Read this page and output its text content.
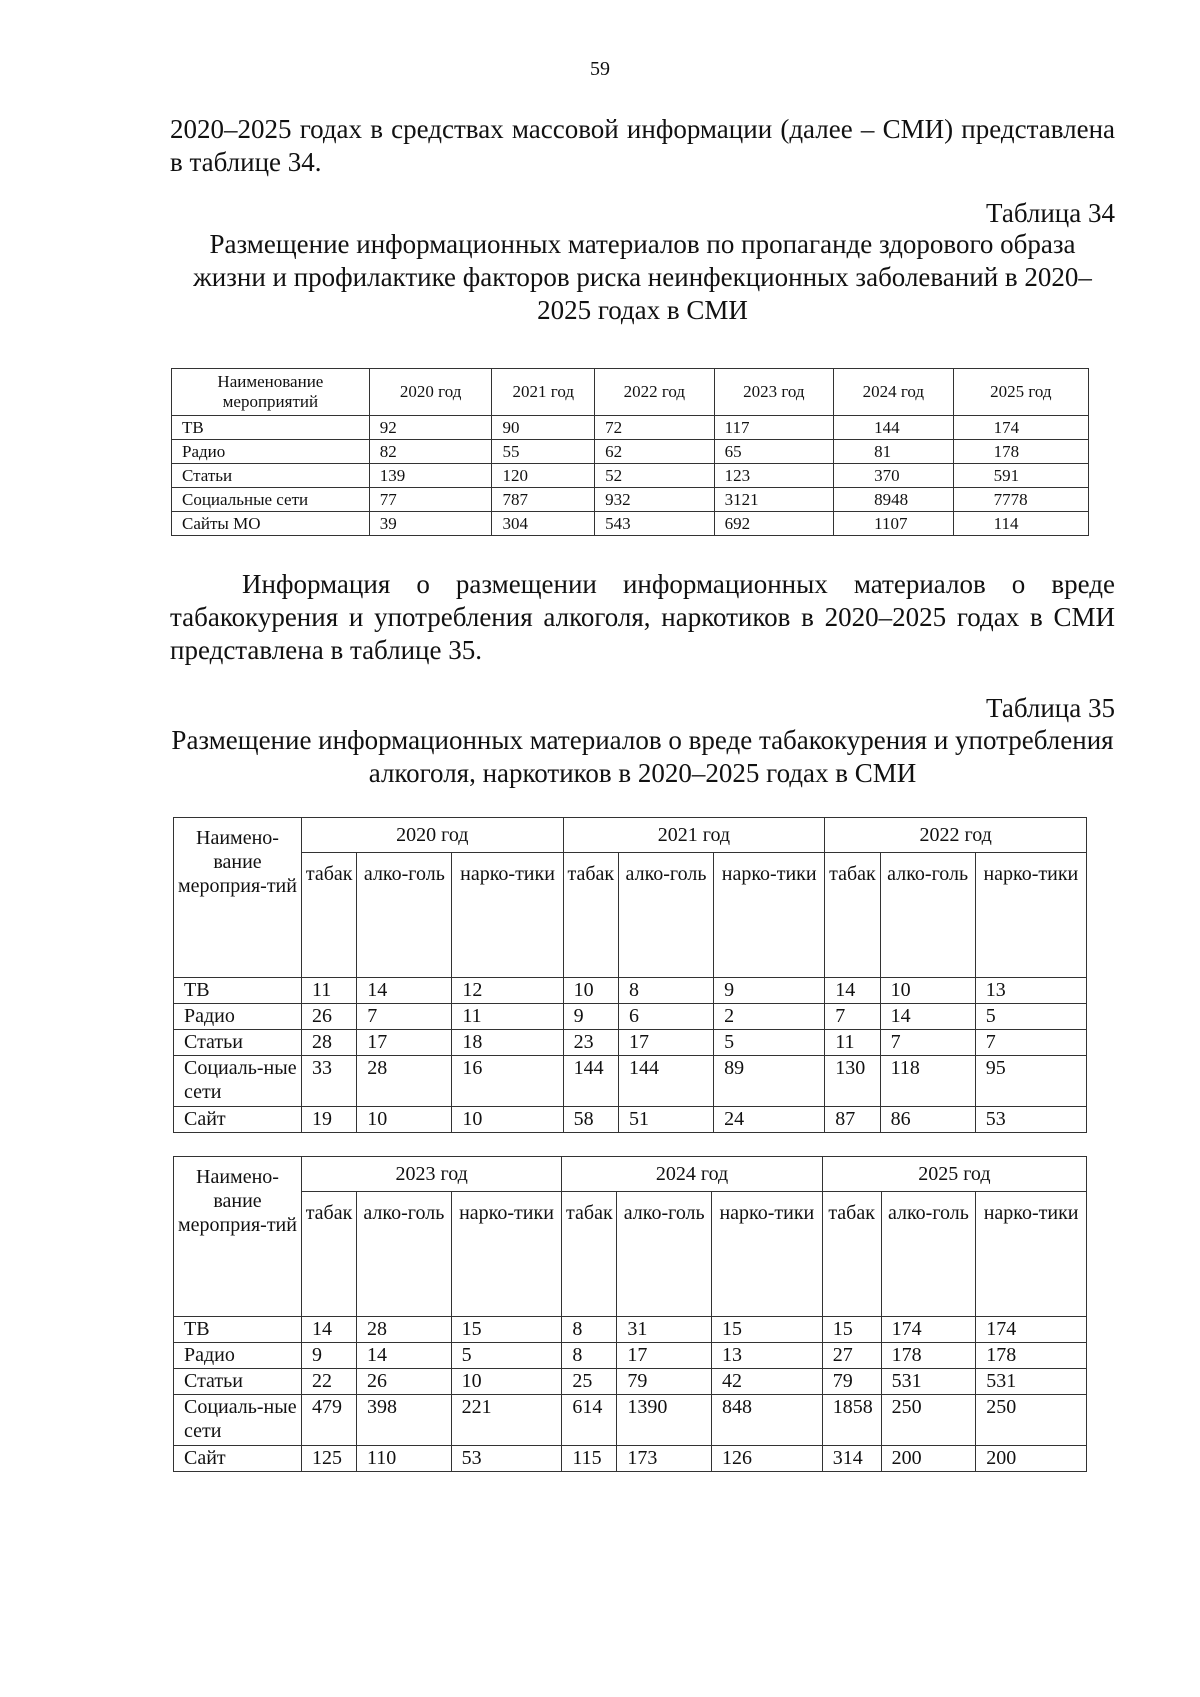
59
2020–2025 годах в средствах массовой информации (далее – СМИ) представлена в таблице 34.
Таблица 34
Размещение информационных материалов по пропаганде здорового образа жизни и профилактике факторов риска неинфекционных заболеваний в 2020–2025 годах в СМИ
Наименование мероприятий	2020 год	2021 год	2022 год	2023 год	2024 год	2025 год
ТВ	92	90	72	117	144	174
Радио	82	55	62	65	81	178
Статьи	139	120	52	123	370	591
Социальные сети	77	787	932	3121	8948	7778
Сайты МО	39	304	543	692	1107	114
Информация о размещении информационных материалов о вреде табакокурения и употребления алкоголя, наркотиков в 2020–2025 годах в СМИ представлена в таблице 35.
Таблица 35
Размещение информационных материалов о вреде табакокурения и употребления алкоголя, наркотиков в 2020–2025 годах в СМИ
Наимено-вание мероприя-тий	2020 год			2021 год			2022 год		
	табак	алко-голь	нарко-тики	табак	алко-голь	нарко-тики	табак	алко-голь	нарко-тики
ТВ	11	14	12	10	8	9	14	10	13
Радио	26	7	11	9	6	2	7	14	5
Статьи	28	17	18	23	17	5	11	7	7
Социаль-ные сети	33	28	16	144	144	89	130	118	95
Сайт	19	10	10	58	51	24	87	86	53
Наимено-вание мероприя-тий	2023 год			2024 год			2025 год		
	табак	алко-голь	нарко-тики	табак	алко-голь	нарко-тики	табак	алко-голь	нарко-тики
ТВ	14	28	15	8	31	15	15	174	174
Радио	9	14	5	8	17	13	27	178	178
Статьи	22	26	10	25	79	42	79	531	531
Социаль-ные сети	479	398	221	614	1390	848	1858	250	250
Сайт	125	110	53	115	173	126	314	200	200
